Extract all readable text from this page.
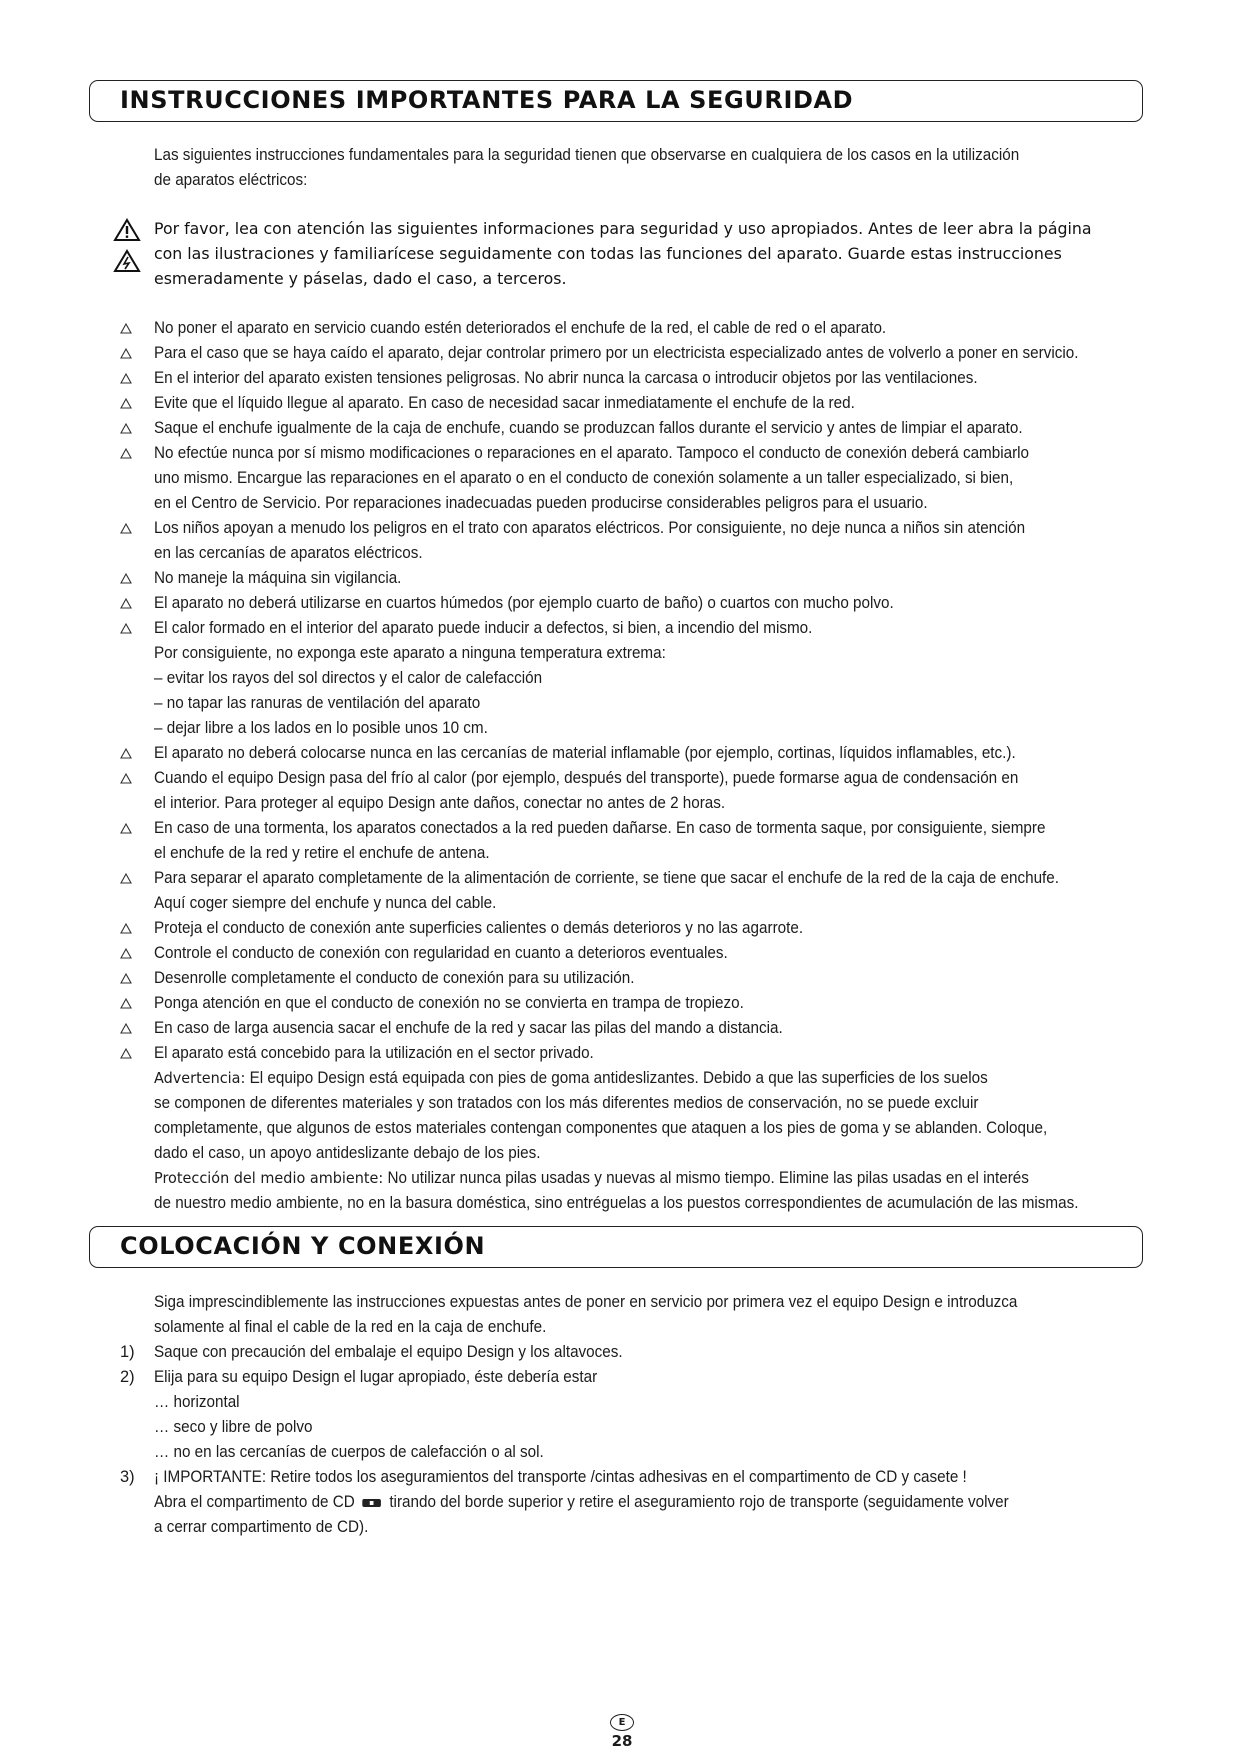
INSTRUCCIONES IMPORTANTES PARA LA SEGURIDAD
Las siguientes instrucciones fundamentales para la seguridad tienen que observarse en cualquiera de los casos en la utilización
de aparatos eléctricos:
Por favor, lea con atención las siguientes informaciones para seguridad y uso apropiados. Antes de leer abra la página
con las ilustraciones y familiarícese seguidamente con todas las funciones del aparato. Guarde estas instrucciones
esmeradamente y páselas, dado el caso, a terceros.
No poner el aparato en servicio cuando estén deteriorados el enchufe de la red, el cable de red o el aparato.
Para el caso que se haya caído el aparato, dejar controlar primero por un electricista especializado antes de volverlo a poner en servicio.
En el interior del aparato existen tensiones peligrosas. No abrir nunca la carcasa o introducir objetos por las ventilaciones.
Evite que el líquido llegue al aparato. En caso de necesidad sacar inmediatamente el enchufe de la red.
Saque el enchufe igualmente de la caja de enchufe, cuando se produzcan fallos durante el servicio y antes de limpiar el aparato.
No efectúe nunca por sí mismo modificaciones o reparaciones en el aparato. Tampoco el conducto de conexión deberá cambiarlo
uno mismo. Encargue las reparaciones en el aparato o en el conducto de conexión solamente a un taller especializado, si bien,
en el Centro de Servicio. Por reparaciones inadecuadas pueden producirse considerables peligros para el usuario.
Los niños apoyan a menudo los peligros en el trato con aparatos eléctricos. Por consiguiente, no deje nunca a niños sin atención
en las cercanías de aparatos eléctricos.
No maneje la máquina sin vigilancia.
El aparato no deberá utilizarse en cuartos húmedos (por ejemplo cuarto de baño) o cuartos con mucho polvo.
El calor formado en el interior del aparato puede inducir a defectos, si bien, a incendio del mismo.
Por consiguiente, no exponga este aparato a ninguna temperatura extrema:
– evitar los rayos del sol directos y el calor de calefacción
– no tapar las ranuras de ventilación del aparato
– dejar libre a los lados en lo posible unos 10 cm.
El aparato no deberá colocarse nunca en las cercanías de material inflamable (por ejemplo, cortinas, líquidos inflamables, etc.).
Cuando el equipo Design pasa del frío al calor (por ejemplo, después del transporte), puede formarse agua de condensación en
el interior. Para proteger al equipo Design ante daños, conectar no antes de 2 horas.
En caso de una tormenta, los aparatos conectados a la red pueden dañarse. En caso de tormenta saque, por consiguiente, siempre
el enchufe de la red y retire el enchufe de antena.
Para separar el aparato completamente de la alimentación de corriente, se tiene que sacar el enchufe de la red de la caja de enchufe.
Aquí coger siempre del enchufe y nunca del cable.
Proteja el conducto de conexión ante superficies calientes o demás deterioros y no las agarrote.
Controle el conducto de conexión con regularidad en cuanto a deterioros eventuales.
Desenrolle completamente el conducto de conexión para su utilización.
Ponga atención en que el conducto de conexión no se convierta en trampa de tropiezo.
En caso de larga ausencia sacar el enchufe de la red y sacar las pilas del mando a distancia.
El aparato está concebido para la utilización en el sector privado.
Advertencia: El equipo Design está equipada con pies de goma antideslizantes. Debido a que las superficies de los suelos
se componen de diferentes materiales y son tratados con los más diferentes medios de conservación, no se puede excluir
completamente, que algunos de estos materiales contengan componentes que ataquen a los pies de goma y se ablanden. Coloque,
dado el caso, un apoyo antideslizante debajo de los pies.
Protección del medio ambiente: No utilizar nunca pilas usadas y nuevas al mismo tiempo. Elimine las pilas usadas en el interés
de nuestro medio ambiente, no en la basura doméstica, sino entréguelas a los puestos correspondientes de acumulación de las mismas.
COLOCACIÓN Y CONEXIÓN
Siga imprescindiblemente las instrucciones expuestas antes de poner en servicio por primera vez el equipo Design e introduzca
solamente al final el cable de la red en la caja de enchufe.
1) Saque con precaución del embalaje el equipo Design y los altavoces.
2) Elija para su equipo Design el lugar apropiado, éste debería estar
… horizontal
… seco y libre de polvo
… no en las cercanías de cuerpos de calefacción o al sol.
3) ¡ IMPORTANTE: Retire todos los aseguramientos del transporte /cintas adhesivas en el compartimento de CD y casete !
Abra el compartimento de CD tirando del borde superior y retire el aseguramiento rojo de transporte (seguidamente volver
a cerrar compartimento de CD).
E
28
